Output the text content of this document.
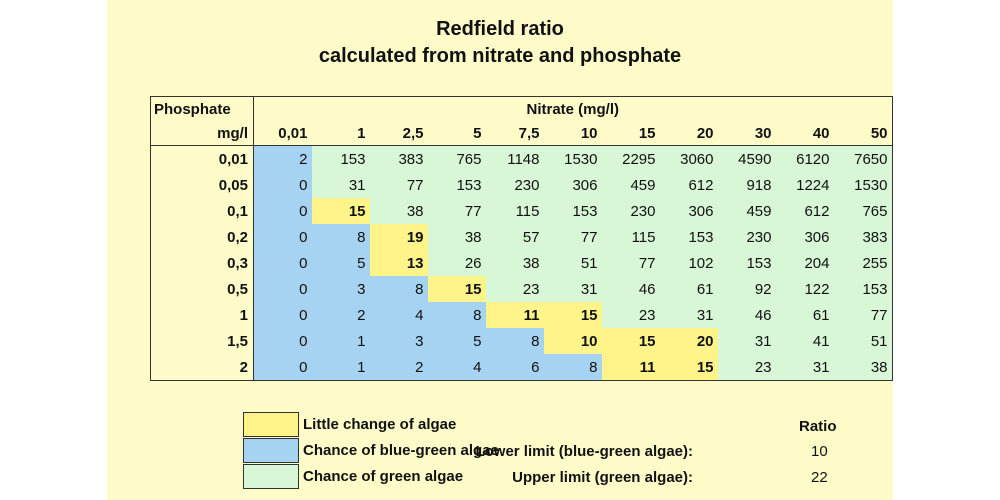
Redfield ratio
calculated from nitrate and phosphate
Phosphate	Nitrate (mg/l)										
mg/l	0,01	1	2,5	5	7,5	10	15	20	30	40	50
0,01	2	153	383	765	1148	1530	2295	3060	4590	6120	7650
0,05	0	31	77	153	230	306	459	612	918	1224	1530
0,1	0	15	38	77	115	153	230	306	459	612	765
0,2	0	8	19	38	57	77	115	153	230	306	383
0,3	0	5	13	26	38	51	77	102	153	204	255
0,5	0	3	8	15	23	31	46	61	92	122	153
1	0	2	4	8	11	15	23	31	46	61	77
1,5	0	1	3	5	8	10	15	20	31	41	51
2	0	1	2	4	6	8	11	15	23	31	38
Little change of algae
Chance of blue-green algae
Chance of green algae
Ratio
Lower limit (blue-green algae):	10
Upper limit (green algae):	22
